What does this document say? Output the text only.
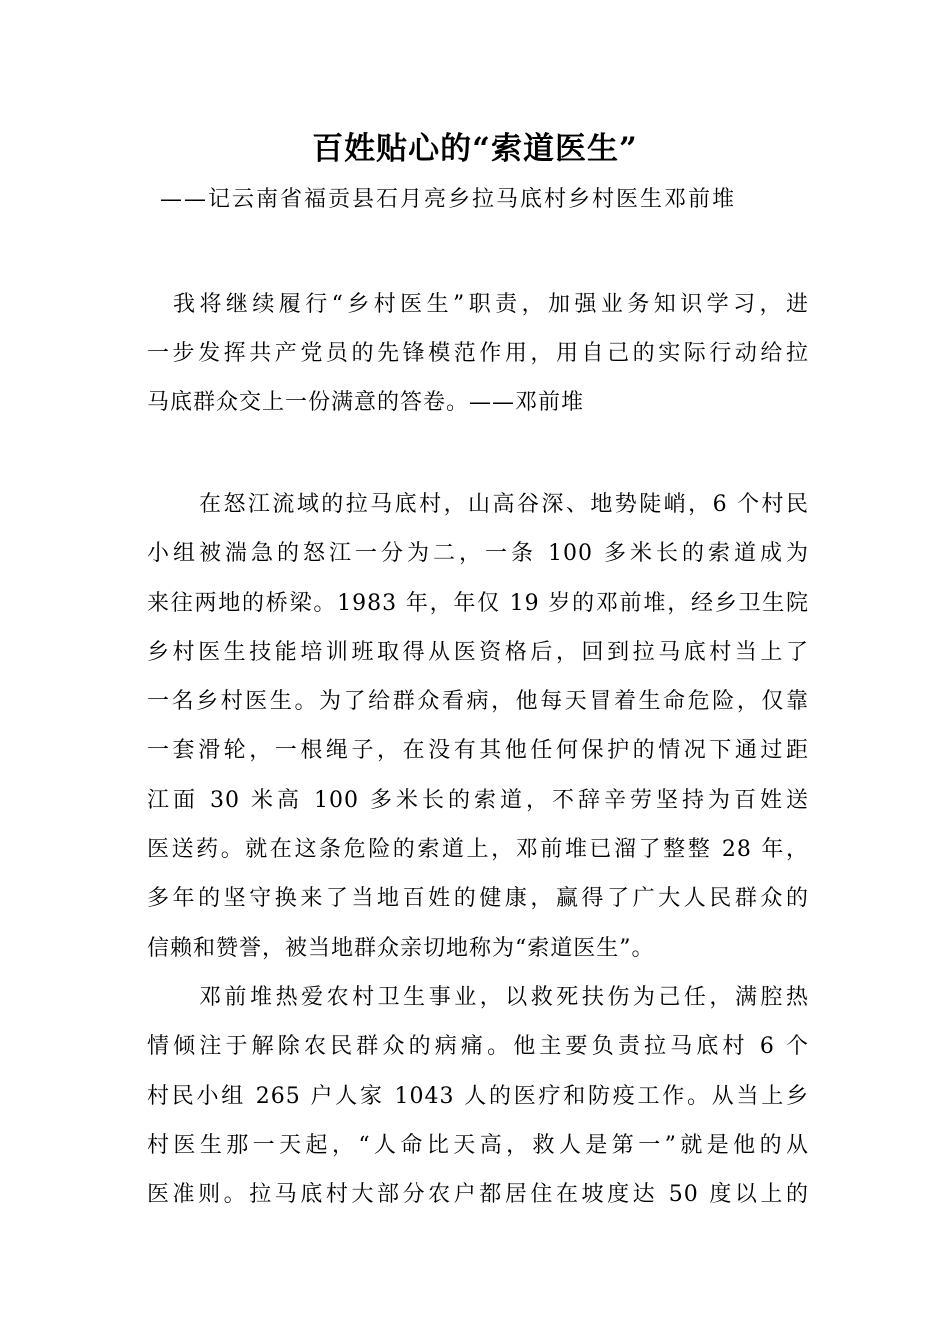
百姓贴心的“索道医生”
——记云南省福贡县石月亮乡拉马底村乡村医生邓前堆
我将继续履行“乡村医生”职责，加强业务知识学习，进
一步发挥共产党员的先锋模范作用，用自己的实际行动给拉
马底群众交上一份满意的答卷。——邓前堆
在怒江流域的拉马底村，山高谷深、地势陡峭，6 个村民
小组被湍急的怒江一分为二，一条 100 多米长的索道成为
来往两地的桥梁。1983 年，年仅 19 岁的邓前堆，经乡卫生院
乡村医生技能培训班取得从医资格后，回到拉马底村当上了
一名乡村医生。为了给群众看病，他每天冒着生命危险，仅靠
一套滑轮，一根绳子，在没有其他任何保护的情况下通过距
江面 30 米高 100 多米长的索道，不辞辛劳坚持为百姓送
医送药。就在这条危险的索道上，邓前堆已溜了整整 28 年，
多年的坚守换来了当地百姓的健康，赢得了广大人民群众的
信赖和赞誉，被当地群众亲切地称为“索道医生”。
邓前堆热爱农村卫生事业，以救死扶伤为己任，满腔热
情倾注于解除农民群众的病痛。他主要负责拉马底村 6 个
村民小组 265 户人家 1043 人的医疗和防疫工作。从当上乡
村医生那一天起，“人命比天高，救人是第一”就是他的从
医准则。拉马底村大部分农户都居住在坡度达 50 度以上的
